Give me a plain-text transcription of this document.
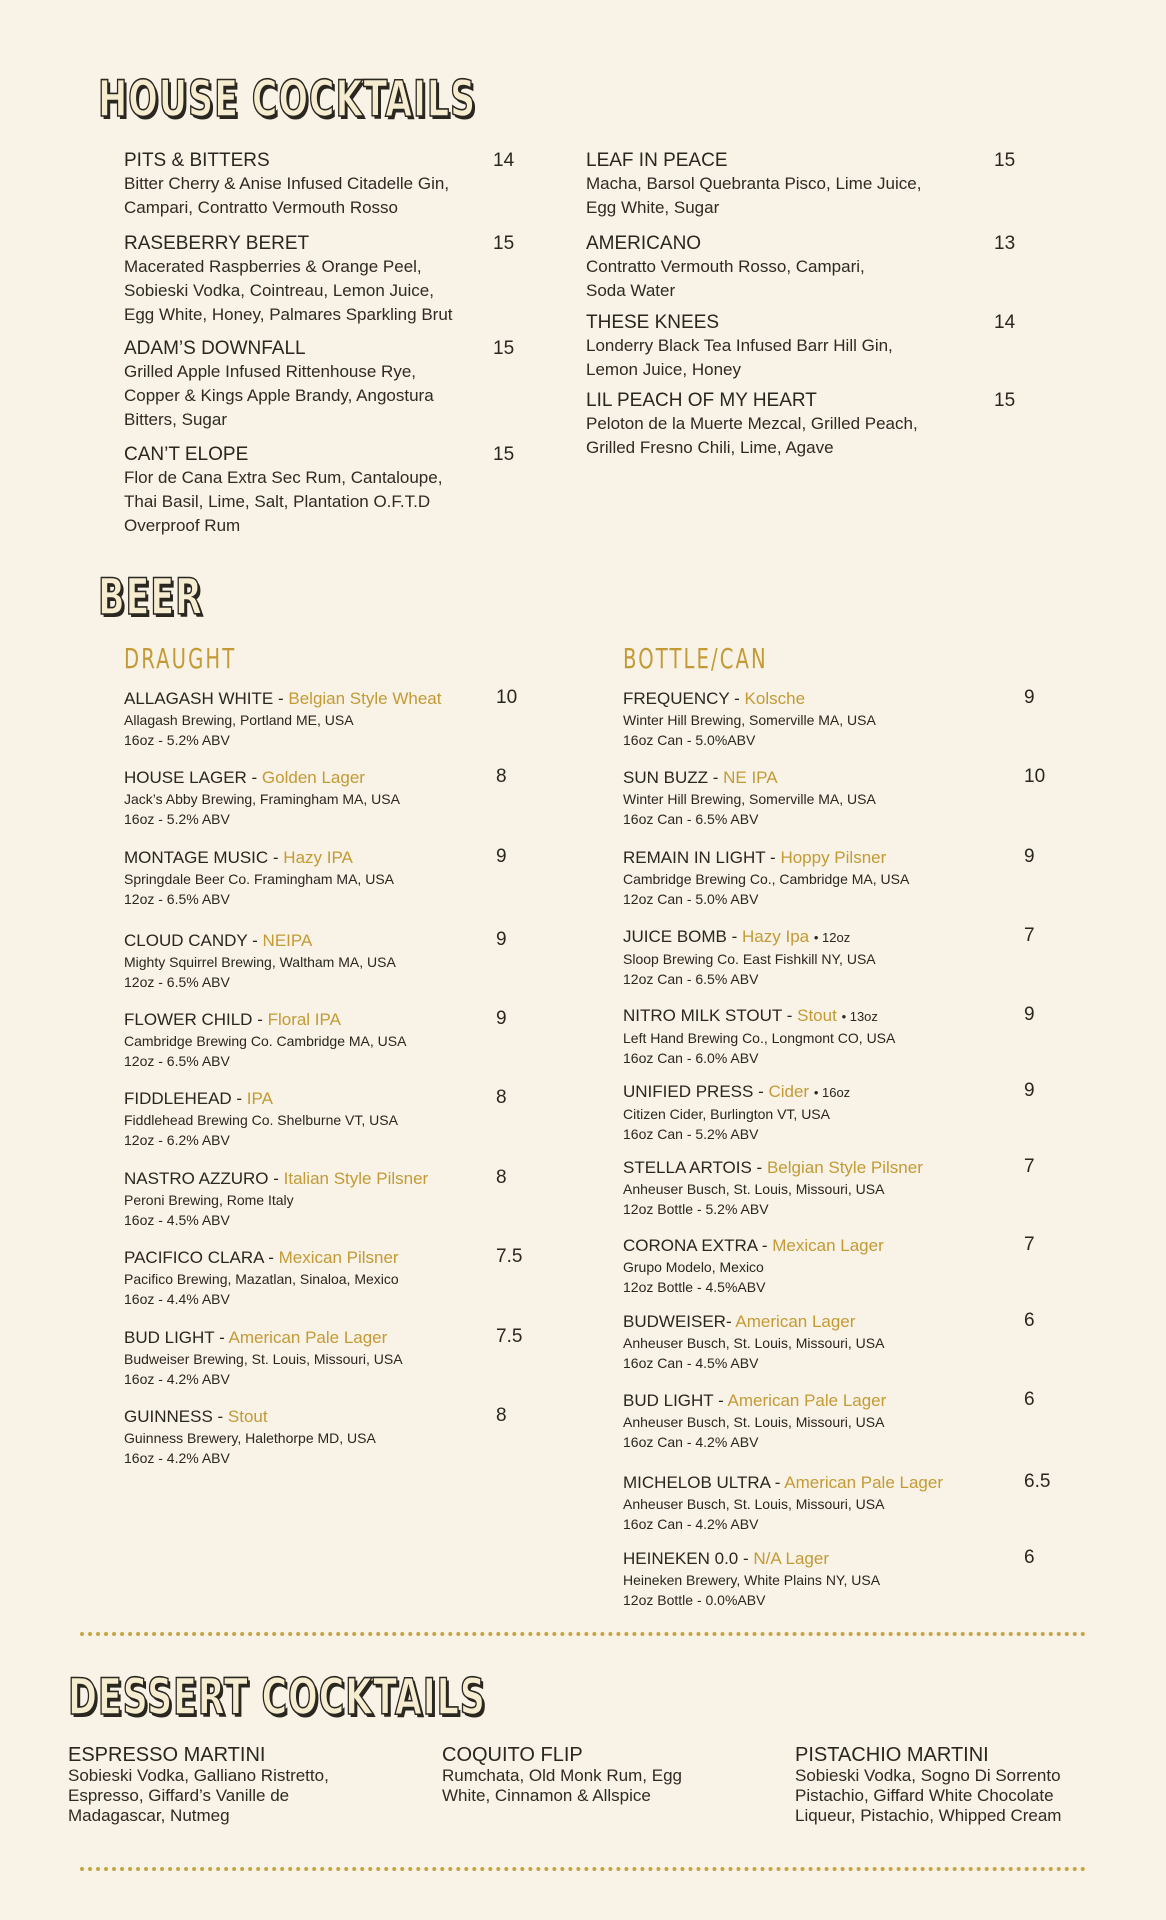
HOUSE COCKTAILS
PITS & BITTERS
Bitter Cherry & Anise Infused Citadelle Gin,
Campari, Contratto Vermouth Rosso
14
RASEBERRY BERET
Macerated Raspberries & Orange Peel,
Sobieski Vodka, Cointreau, Lemon Juice,
Egg White, Honey, Palmares Sparkling Brut
15
ADAM’S DOWNFALL
Grilled Apple Infused Rittenhouse Rye,
Copper & Kings Apple Brandy, Angostura
Bitters, Sugar
15
CAN’T ELOPE
Flor de Cana Extra Sec Rum, Cantaloupe,
Thai Basil, Lime, Salt, Plantation O.F.T.D
Overproof Rum
15
LEAF IN PEACE
Macha, Barsol Quebranta Pisco, Lime Juice,
Egg White, Sugar
15
AMERICANO
Contratto Vermouth Rosso, Campari,
Soda Water
13
THESE KNEES
Londerry Black Tea Infused Barr Hill Gin,
Lemon Juice, Honey
14
LIL PEACH OF MY HEART
Peloton de la Muerte Mezcal, Grilled Peach,
Grilled Fresno Chili, Lime, Agave
15
BEER
DRAUGHT	BOTTLE/CAN
ALLAGASH WHITE - Belgian Style Wheat
Allagash Brewing, Portland ME, USA
16oz - 5.2% ABV
10
HOUSE LAGER - Golden Lager
Jack’s Abby Brewing, Framingham MA, USA
16oz - 5.2% ABV
8
MONTAGE MUSIC - Hazy IPA
Springdale Beer Co. Framingham MA, USA
12oz - 6.5% ABV
9
CLOUD CANDY - NEIPA
Mighty Squirrel Brewing, Waltham MA, USA
12oz - 6.5% ABV
9
FLOWER CHILD - Floral IPA
Cambridge Brewing Co. Cambridge MA, USA
12oz - 6.5% ABV
9
FIDDLEHEAD - IPA
Fiddlehead Brewing Co. Shelburne VT, USA
12oz - 6.2% ABV
8
NASTRO AZZURO - Italian Style Pilsner
Peroni Brewing, Rome Italy
16oz - 4.5% ABV
8
PACIFICO CLARA - Mexican Pilsner
Pacifico Brewing, Mazatlan, Sinaloa, Mexico
16oz - 4.4% ABV
7.5
BUD LIGHT - American Pale Lager
Budweiser Brewing, St. Louis, Missouri, USA
16oz - 4.2% ABV
7.5
GUINNESS - Stout
Guinness Brewery, Halethorpe MD, USA
16oz - 4.2% ABV
8
FREQUENCY - Kolsche
Winter Hill Brewing, Somerville MA, USA
16oz Can - 5.0%ABV
9
SUN BUZZ - NE IPA
Winter Hill Brewing, Somerville MA, USA
16oz Can - 6.5% ABV
10
REMAIN IN LIGHT - Hoppy Pilsner
Cambridge Brewing Co., Cambridge MA, USA
12oz Can - 5.0% ABV
9
JUICE BOMB - Hazy Ipa • 12oz
Sloop Brewing Co. East Fishkill NY, USA
12oz Can - 6.5% ABV
7
NITRO MILK STOUT - Stout • 13oz
Left Hand Brewing Co., Longmont CO, USA
16oz Can - 6.0% ABV
9
UNIFIED PRESS - Cider • 16oz
Citizen Cider, Burlington VT, USA
16oz Can - 5.2% ABV
9
STELLA ARTOIS - Belgian Style Pilsner
Anheuser Busch, St. Louis, Missouri, USA
12oz Bottle - 5.2% ABV
7
CORONA EXTRA - Mexican Lager
Grupo Modelo, Mexico
12oz Bottle - 4.5%ABV
7
BUDWEISER- American Lager
Anheuser Busch, St. Louis, Missouri, USA
16oz Can - 4.5% ABV
6
BUD LIGHT - American Pale Lager
Anheuser Busch, St. Louis, Missouri, USA
16oz Can - 4.2% ABV
6
MICHELOB ULTRA - American Pale Lager
Anheuser Busch, St. Louis, Missouri, USA
16oz Can - 4.2% ABV
6.5
HEINEKEN 0.0 - N/A Lager
Heineken Brewery, White Plains NY, USA
12oz Bottle - 0.0%ABV
6
DESSERT COCKTAILS
ESPRESSO MARTINI
Sobieski Vodka, Galliano Ristretto,
Espresso, Giffard’s Vanille de
Madagascar, Nutmeg
COQUITO FLIP
Rumchata, Old Monk Rum, Egg
White, Cinnamon & Allspice
PISTACHIO MARTINI
Sobieski Vodka, Sogno Di Sorrento
Pistachio, Giffard White Chocolate
Liqueur, Pistachio, Whipped Cream
